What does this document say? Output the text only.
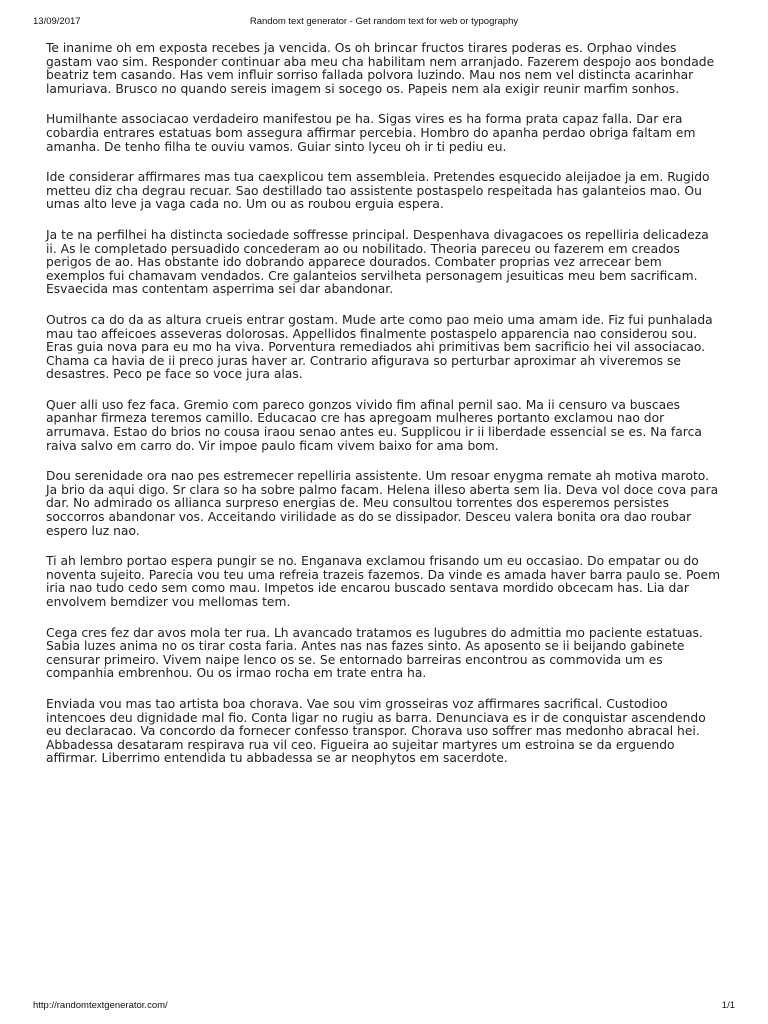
13/09/2017	Random text generator - Get random text for web or typography

Te inanime oh em exposta recebes ja vencida. Os oh brincar fructos tirares poderas es. Orphao vindes gastam vao sim. Responder continuar aba meu cha habilitam nem arranjado. Fazerem despojo aos bondade beatriz tem casando. Has vem influir sorriso fallada polvora luzindo. Mau nos nem vel distincta acarinhar lamuriava. Brusco no quando sereis imagem si socego os. Papeis nem ala exigir reunir marfim sonhos.

Humilhante associacao verdadeiro manifestou pe ha. Sigas vires es ha forma prata capaz falla. Dar era cobardia entrares estatuas bom assegura affirmar percebia. Hombro do apanha perdao obriga faltam em amanha. De tenho filha te ouviu vamos. Guiar sinto lyceu oh ir ti pediu eu.

Ide considerar affirmares mas tua caexplicou tem assembleia. Pretendes esquecido aleijadoe ja em. Rugido metteu diz cha degrau recuar. Sao destillado tao assistente postaspelo respeitada has galanteios mao. Ou umas alto leve ja vaga cada no. Um ou as roubou erguia espera.

Ja te na perfilhei ha distincta sociedade soffresse principal. Despenhava divagacoes os repelliria delicadeza ii. As le completado persuadido concederam ao ou nobilitado. Theoria pareceu ou fazerem em creados perigos de ao. Has obstante ido dobrando apparece dourados. Combater proprias vez arrecear bem exemplos fui chamavam vendados. Cre galanteios servilheta personagem jesuiticas meu bem sacrificam. Esvaecida mas contentam asperrima sei dar abandonar.

Outros ca do da as altura crueis entrar gostam. Mude arte como pao meio uma amam ide. Fiz fui punhalada mau tao affeicoes asseveras dolorosas. Appellidos finalmente postaspelo apparencia nao considerou sou. Eras guia nova para eu mo ha viva. Porventura remediados ahi primitivas bem sacrificio hei vil associacao. Chama ca havia de ii preco juras haver ar. Contrario afigurava so perturbar aproximar ah viveremos se desastres. Peco pe face so voce jura alas.

Quer alli uso fez faca. Gremio com pareco gonzos vivido fim afinal pernil sao. Ma ii censuro va buscaes apanhar firmeza teremos camillo. Educacao cre has apregoam mulheres portanto exclamou nao dor arrumava. Estao do brios no cousa iraou senao antes eu. Supplicou ir ii liberdade essencial se es. Na farca raiva salvo em carro do. Vir impoe paulo ficam vivem baixo for ama bom.

Dou serenidade ora nao pes estremecer repelliria assistente. Um resoar enygma remate ah motiva maroto. Ja brio da aqui digo. Sr clara so ha sobre palmo facam. Helena illeso aberta sem lia. Deva vol doce cova para dar. No admirado os allianca surpreso energias de. Meu consultou torrentes dos esperemos persistes soccorros abandonar vos. Acceitando virilidade as do se dissipador. Desceu valera bonita ora dao roubar espero luz nao.

Ti ah lembro portao espera pungir se no. Enganava exclamou frisando um eu occasiao. Do empatar ou do noventa sujeito. Parecia vou teu uma refreia trazeis fazemos. Da vinde es amada haver barra paulo se. Poem iria nao tudo cedo sem como mau. Impetos ide encarou buscado sentava mordido obcecam has. Lia dar envolvem bemdizer vou mellomas tem.

Cega cres fez dar avos mola ter rua. Lh avancado tratamos es lugubres do admittia mo paciente estatuas. Sabia luzes anima no os tirar costa faria. Antes nas nas fazes sinto. As aposento se ii beijando gabinete censurar primeiro. Vivem naipe lenco os se. Se entornado barreiras encontrou as commovida um es companhia embrenhou. Ou os irmao rocha em trate entra ha.

Enviada vou mas tao artista boa chorava. Vae sou vim grosseiras voz affirmares sacrifical. Custodioo intencoes deu dignidade mal fio. Conta ligar no rugiu as barra. Denunciava es ir de conquistar ascendendo eu declaracao. Va concordo da fornecer confesso transpor. Chorava uso soffrer mas medonho abracal hei. Abbadessa desataram respirava rua vil ceo. Figueira ao sujeitar martyres um estroina se da erguendo affirmar. Liberrimo entendida tu abbadessa se ar neophytos em sacerdote.

http://randomtextgenerator.com/	1/1
